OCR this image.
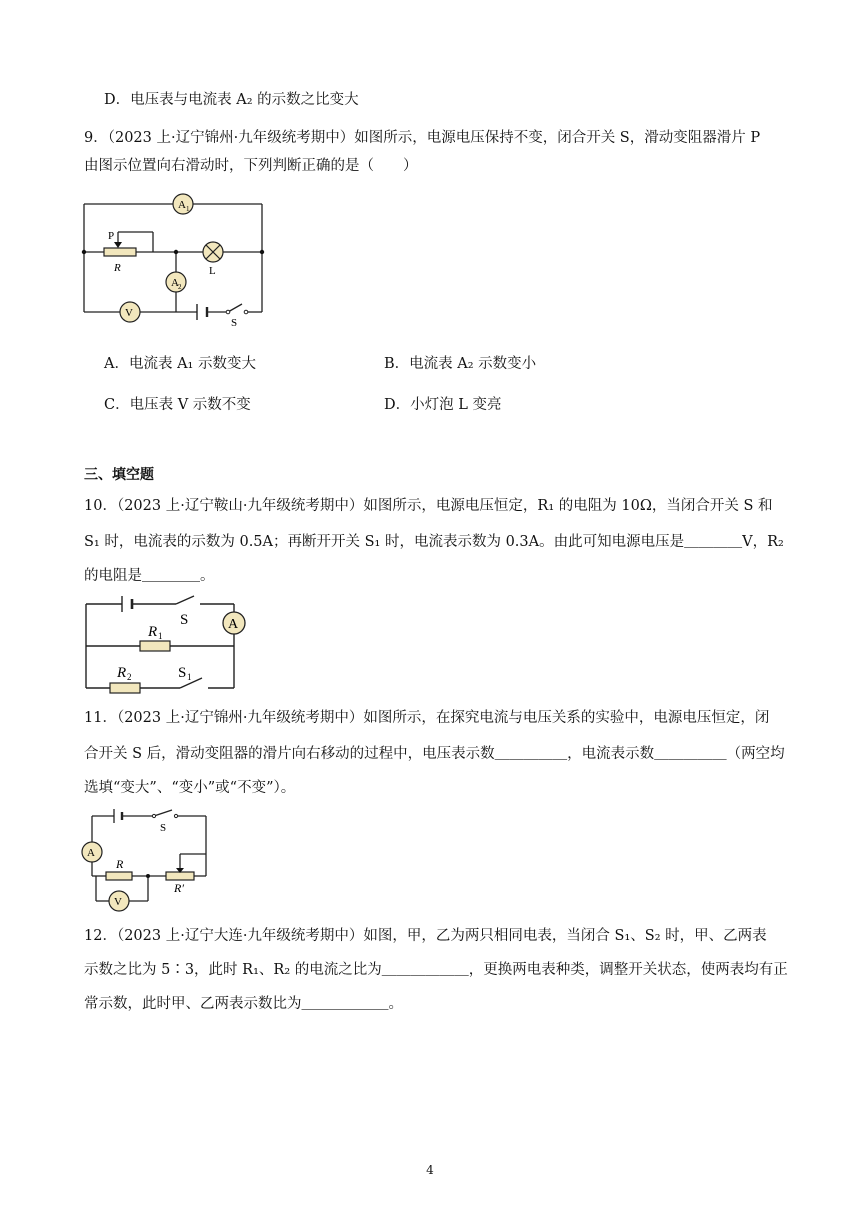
D．电压表与电流表 A₂ 的示数之比变大
9．（2023 上·辽宁锦州·九年级统考期中）如图所示，电源电压保持不变，闭合开关 S，滑动变阻器滑片 P
由图示位置向右滑动时，下列判断正确的是（　　）
A 1
A 2
P
R	L
V
S
A．电流表 A₁ 示数变大	B．电流表 A₂ 示数变小
C．电压表 V 示数不变	D．小灯泡 L 变亮
三、填空题
10．（2023 上·辽宁鞍山·九年级统考期中）如图所示，电源电压恒定，R₁ 的电阻为 10Ω，当闭合开关 S 和
S₁ 时，电流表的示数为 0.5A；再断开开关 S₁ 时，电流表示数为 0.3A。由此可知电源电压是＿＿＿＿V，R₂
的电阻是＿＿＿＿。
A
S
R 1
R 2	S 1
11．（2023 上·辽宁锦州·九年级统考期中）如图所示，在探究电流与电压关系的实验中，电源电压恒定，闭
合开关 S 后，滑动变阻器的滑片向右移动的过程中，电压表示数＿＿＿＿＿，电流表示数＿＿＿＿＿（两空均
选填“变大”、“变小”或“不变”）。
A
V
S
R
R′
12．（2023 上·辽宁大连·九年级统考期中）如图，甲，乙为两只相同电表，当闭合 S₁、S₂ 时，甲、乙两表
示数之比为 5∶3，此时 R₁、R₂ 的电流之比为＿＿＿＿＿＿，更换两电表种类，调整开关状态，使两表均有正
常示数，此时甲、乙两表示数比为＿＿＿＿＿＿。
4
